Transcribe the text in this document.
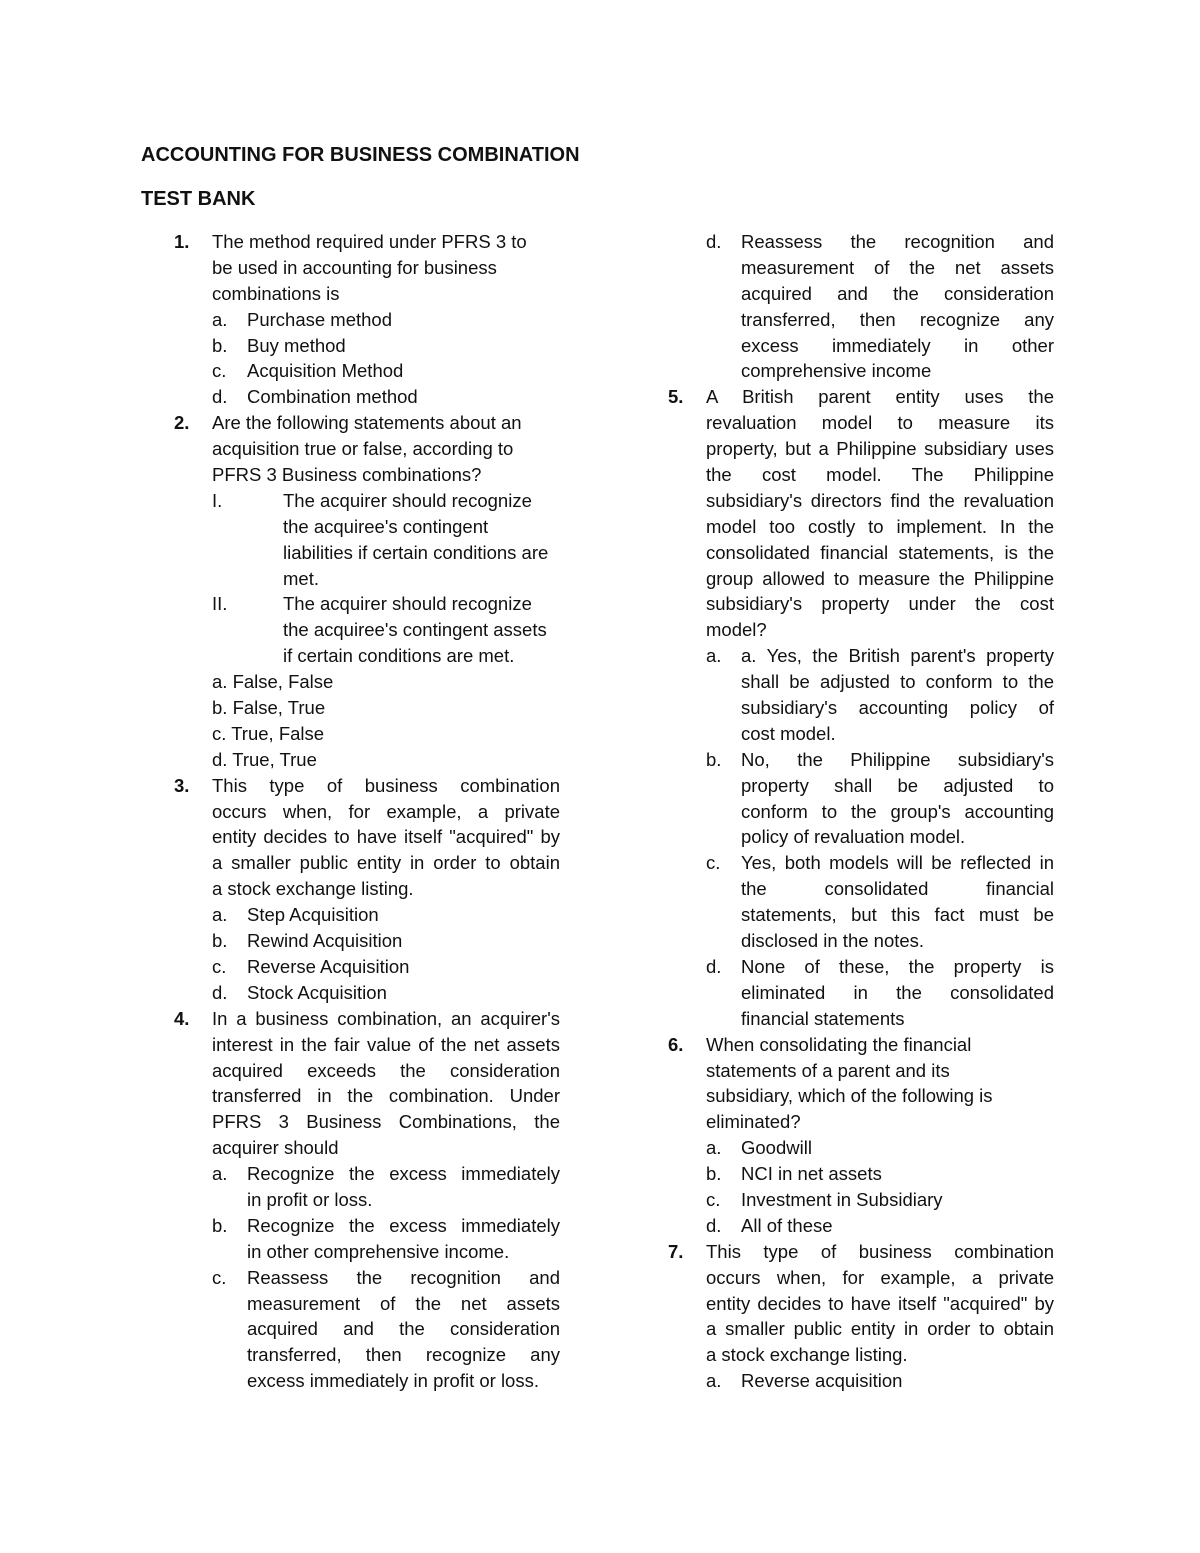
ACCOUNTING FOR BUSINESS COMBINATION
TEST BANK
1.	The method required under PFRS 3 to
be used in accounting for business
combinations is
a.	Purchase method
b.	Buy method
c.	Acquisition Method
d.	Combination method
2.	Are the following statements about an
acquisition true or false, according to
PFRS 3 Business combinations?
I.	The acquirer should recognize
the acquiree's contingent
liabilities if certain conditions are
met.
II.	The acquirer should recognize
the acquiree's contingent assets
if certain conditions are met.
a. False, False
b. False, True
c. True, False
d. True, True
3.	This type of business combination
occurs when, for example, a private
entity decides to have itself "acquired" by
a smaller public entity in order to obtain
a stock exchange listing.
a.	Step Acquisition
b.	Rewind Acquisition
c.	Reverse Acquisition
d.	Stock Acquisition
4.	In a business combination, an acquirer's
interest in the fair value of the net assets
acquired exceeds the consideration
transferred in the combination. Under
PFRS 3 Business Combinations, the
acquirer should
a.	Recognize the excess immediately
in profit or loss.
b.	Recognize the excess immediately
in other comprehensive income.
c.	Reassess the recognition and
measurement of the net assets
acquired and the consideration
transferred, then recognize any
excess immediately in profit or loss.
d.	Reassess the recognition and
measurement of the net assets
acquired and the consideration
transferred, then recognize any
excess immediately in other
comprehensive income
5.	A British parent entity uses the
revaluation model to measure its
property, but a Philippine subsidiary uses
the cost model. The Philippine
subsidiary's directors find the revaluation
model too costly to implement. In the
consolidated financial statements, is the
group allowed to measure the Philippine
subsidiary's property under the cost
model?
a.	a. Yes, the British parent's property
shall be adjusted to conform to the
subsidiary's accounting policy of
cost model.
b.	No, the Philippine subsidiary's
property shall be adjusted to
conform to the group's accounting
policy of revaluation model.
c.	Yes, both models will be reflected in
the consolidated financial
statements, but this fact must be
disclosed in the notes.
d.	None of these, the property is
eliminated in the consolidated
financial statements
6.	When consolidating the financial
statements of a parent and its
subsidiary, which of the following is
eliminated?
a.	Goodwill
b.	NCI in net assets
c.	Investment in Subsidiary
d.	All of these
7.	This type of business combination
occurs when, for example, a private
entity decides to have itself "acquired" by
a smaller public entity in order to obtain
a stock exchange listing.
a.	Reverse acquisition
